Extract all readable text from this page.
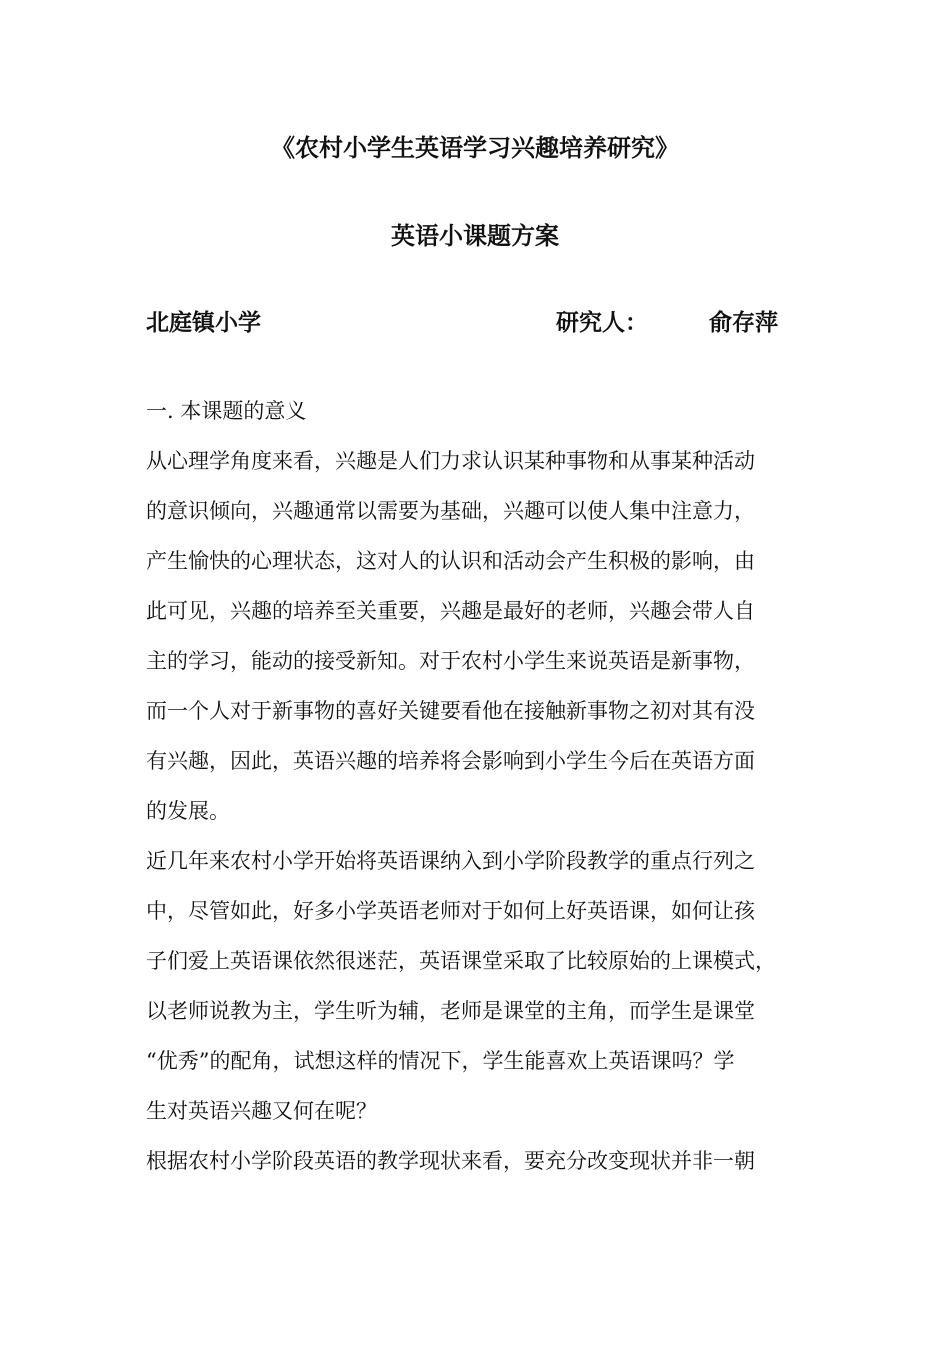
《农村小学生英语学习兴趣培养研究》
英语小课题方案
北庭镇小学	研究人：	俞存萍
一. 本课题的意义
从心理学角度来看，兴趣是人们力求认识某种事物和从事某种活动
的意识倾向，兴趣通常以需要为基础，兴趣可以使人集中注意力，
产生愉快的心理状态，这对人的认识和活动会产生积极的影响，由
此可见，兴趣的培养至关重要，兴趣是最好的老师，兴趣会带人自
主的学习，能动的接受新知。对于农村小学生来说英语是新事物，
而一个人对于新事物的喜好关键要看他在接触新事物之初对其有没
有兴趣，因此，英语兴趣的培养将会影响到小学生今后在英语方面
的发展。
近几年来农村小学开始将英语课纳入到小学阶段教学的重点行列之
中，尽管如此，好多小学英语老师对于如何上好英语课，如何让孩
子们爱上英语课依然很迷茫，英语课堂采取了比较原始的上课模式，
以老师说教为主，学生听为辅，老师是课堂的主角，而学生是课堂
“优秀”的配角，试想这样的情况下，学生能喜欢上英语课吗？学
生对英语兴趣又何在呢？
根据农村小学阶段英语的教学现状来看，要充分改变现状并非一朝
